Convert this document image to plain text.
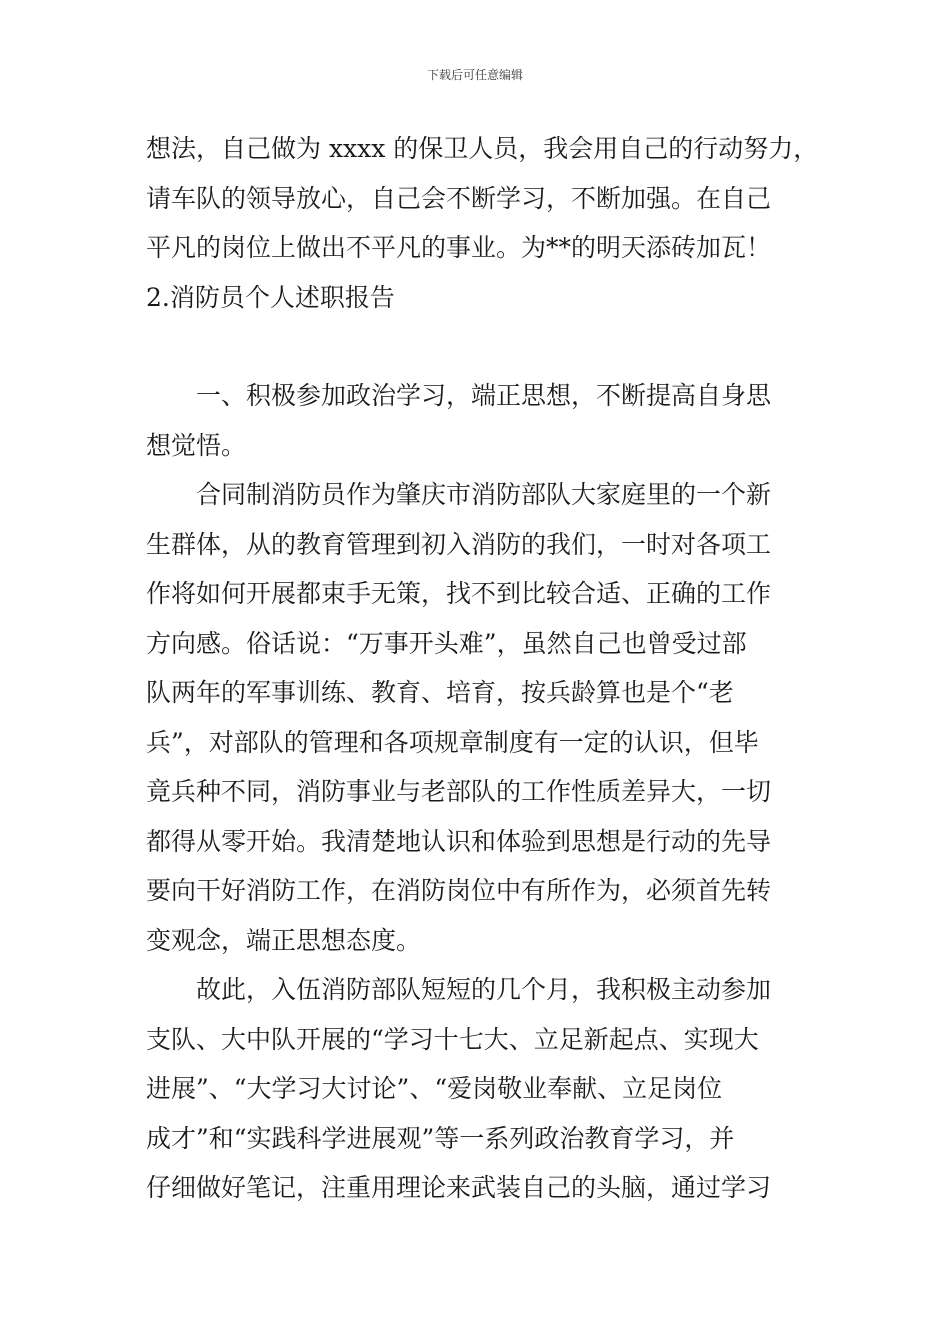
下载后可任意编辑
想法，自己做为 xxxx 的保卫人员，我会用自己的行动努力，
请车队的领导放心，自己会不断学习，不断加强。在自己
平凡的岗位上做出不平凡的事业。为**的明天添砖加瓦！
2.消防员个人述职报告
一、积极参加政治学习，端正思想，不断提高自身思
想觉悟。
合同制消防员作为肇庆市消防部队大家庭里的一个新
生群体，从的教育管理到初入消防的我们，一时对各项工
作将如何开展都束手无策，找不到比较合适、正确的工作
方向感。俗话说：“万事开头难”，虽然自己也曾受过部
队两年的军事训练、教育、培育，按兵龄算也是个“老
兵”，对部队的管理和各项规章制度有一定的认识，但毕
竟兵种不同，消防事业与老部队的工作性质差异大，一切
都得从零开始。我清楚地认识和体验到思想是行动的先导
要向干好消防工作，在消防岗位中有所作为，必须首先转
变观念，端正思想态度。
故此，入伍消防部队短短的几个月，我积极主动参加
支队、大中队开展的“学习十七大、立足新起点、实现大
进展”、“大学习大讨论”、“爱岗敬业奉献、立足岗位
成才”和“实践科学进展观”等一系列政治教育学习，并
仔细做好笔记，注重用理论来武装自己的头脑，通过学习
